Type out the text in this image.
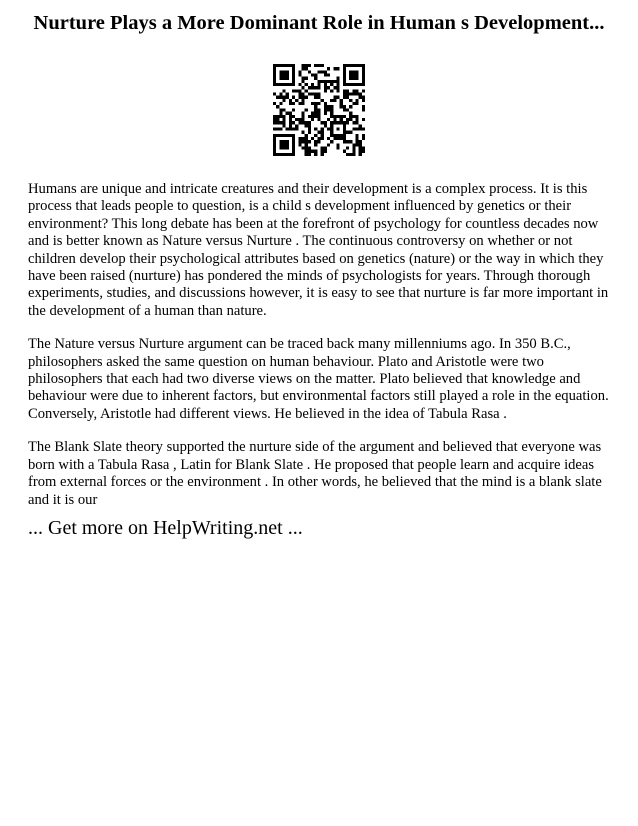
Nurture Plays a More Dominant Role in Human s Development...

Humans are unique and intricate creatures and their development is a complex process. It is this process that leads people to question, is a child s development influenced by genetics or their environment? This long debate has been at the forefront of psychology for countless decades now and is better known as Nature versus Nurture . The continuous controversy on whether or not children develop their psychological attributes based on genetics (nature) or the way in which they have been raised (nurture) has pondered the minds of psychologists for years. Through thorough experiments, studies, and discussions however, it is easy to see that nurture is far more important in the development of a human than nature.

The Nature versus Nurture argument can be traced back many millenniums ago. In 350 B.C., philosophers asked the same question on human behaviour. Plato and Aristotle were two philosophers that each had two diverse views on the matter. Plato believed that knowledge and behaviour were due to inherent factors, but environmental factors still played a role in the equation. Conversely, Aristotle had different views. He believed in the idea of Tabula Rasa .

The Blank Slate theory supported the nurture side of the argument and believed that everyone was born with a Tabula Rasa , Latin for Blank Slate . He proposed that people learn and acquire ideas from external forces or the environment . In other words, he believed that the mind is a blank slate and it is our

... Get more on HelpWriting.net ...
